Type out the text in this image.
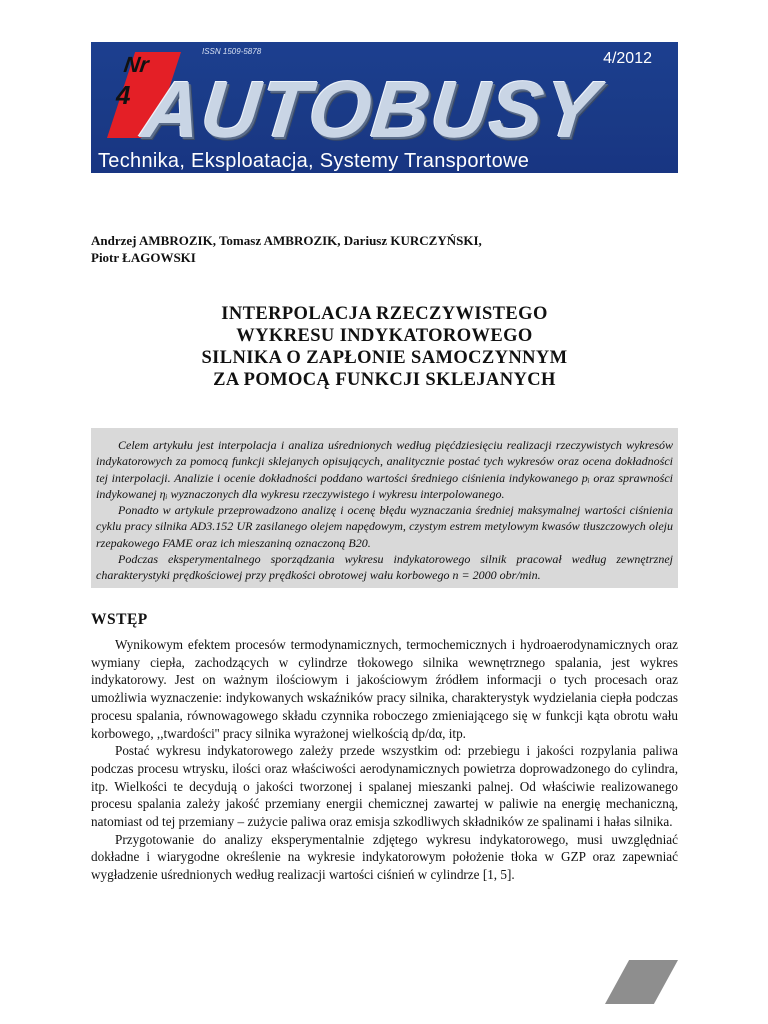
Nr
4
ISSN 1509-5878	4/2012
AUTOBUSY
Technika, Eksploatacja, Systemy Transportowe
Andrzej AMBROZIK, Tomasz AMBROZIK, Dariusz KURCZYŃSKI,
Piotr ŁAGOWSKI
INTERPOLACJA RZECZYWISTEGO
WYKRESU INDYKATOROWEGO
SILNIKA O ZAPŁONIE SAMOCZYNNYM
ZA POMOCĄ FUNKCJI SKLEJANYCH

Celem artykułu jest interpolacja i analiza uśrednionych według pięćdziesięciu realizacji rzeczywistych wykresów indykatorowych za pomocą funkcji sklejanych opisujących, analitycznie postać tych wykresów oraz ocena dokładności tej interpolacji. Analizie i ocenie dokładności poddano wartości średniego ciśnienia indykowanego pᵢ oraz sprawności indykowanej ηᵢ wyznaczonych dla wykresu rzeczywistego i wykresu interpolowanego.

Ponadto w artykule przeprowadzono analizę i ocenę błędu wyznaczania średniej maksymalnej wartości ciśnienia cyklu pracy silnika AD3.152 UR zasilanego olejem napędowym, czystym estrem metylowym kwasów tłuszczowych oleju rzepakowego FAME oraz ich mieszaniną oznaczoną B20.

Podczas eksperymentalnego sporządzania wykresu indykatorowego silnik pracował według zewnętrznej charakterystyki prędkościowej przy prędkości obrotowej wału korbowego n = 2000 obr/min.

WSTĘP

Wynikowym efektem procesów termodynamicznych, termochemicznych i hydroaerodynamicznych oraz wymiany ciepła, zachodzących w cylindrze tłokowego silnika wewnętrznego spalania, jest wykres indykatorowy. Jest on ważnym ilościowym i jakościowym źródłem informacji o tych procesach oraz umożliwia wyznaczenie: indykowanych wskaźników pracy silnika, charakterystyk wydzielania ciepła podczas procesu spalania, równowagowego składu czynnika roboczego zmieniającego się w funkcji kąta obrotu wału korbowego, ,,twardości'' pracy silnika wyrażonej wielkością dp/dα, itp.

Postać wykresu indykatorowego zależy przede wszystkim od: przebiegu i jakości rozpylania paliwa podczas procesu wtrysku, ilości oraz właściwości aerodynamicznych powietrza doprowadzonego do cylindra, itp. Wielkości te decydują o jakości tworzonej i spalanej mieszanki palnej. Od właściwie realizowanego procesu spalania zależy jakość przemiany energii chemicznej zawartej w paliwie na energię mechaniczną, natomiast od tej przemiany – zużycie paliwa oraz emisja szkodliwych składników ze spalinami i hałas silnika.

Przygotowanie do analizy eksperymentalnie zdjętego wykresu indykatorowego, musi uwzględniać dokładne i wiarygodne określenie na wykresie indykatorowym położenie tłoka w GZP oraz zapewniać wygładzenie uśrednionych według realizacji wartości ciśnień w cylindrze [1, 5].
